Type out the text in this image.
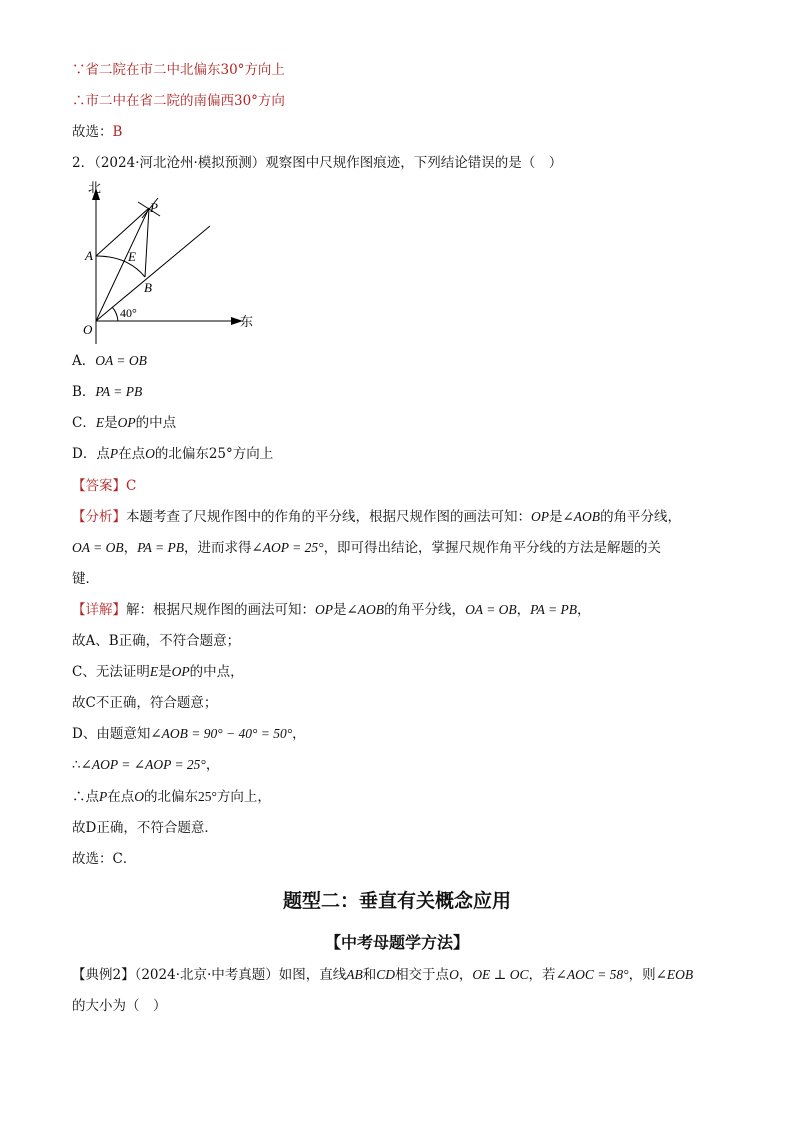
∵省二院在市二中北偏东30°方向上
∴市二中在省二院的南偏西30°方向
故选：B
2．（2024·河北沧州·模拟预测）观察图中尺规作图痕迹，下列结论错误的是（　）
北
东
P
A	E
B
O
40°
A．OA = OB
B．PA = PB
C．E是OP的中点
D．点P在点O的北偏东25°方向上
【答案】C
【分析】本题考查了尺规作图中的作角的平分线，根据尺规作图的画法可知：OP是∠AOB的角平分线，
OA = OB，PA = PB，进而求得∠AOP = 25°，即可得出结论，掌握尺规作角平分线的方法是解题的关
键．
【详解】解：根据尺规作图的画法可知：OP是∠AOB的角平分线，OA = OB，PA = PB，
故A、B正确，不符合题意；
C、无法证明E是OP的中点，
故C不正确，符合题意；
D、由题意知∠AOB = 90° − 40° = 50°，
∴∠AOP = ∠AOP = 25°，
∴点P在点O的北偏东25°方向上，
故D正确，不符合题意．
故选：C．
题型二：垂直有关概念应用
【中考母题学方法】
【典例2】（2024·北京·中考真题）如图，直线AB和CD相交于点O，OE ⊥ OC，若∠AOC = 58°，则∠EOB
的大小为（　）
